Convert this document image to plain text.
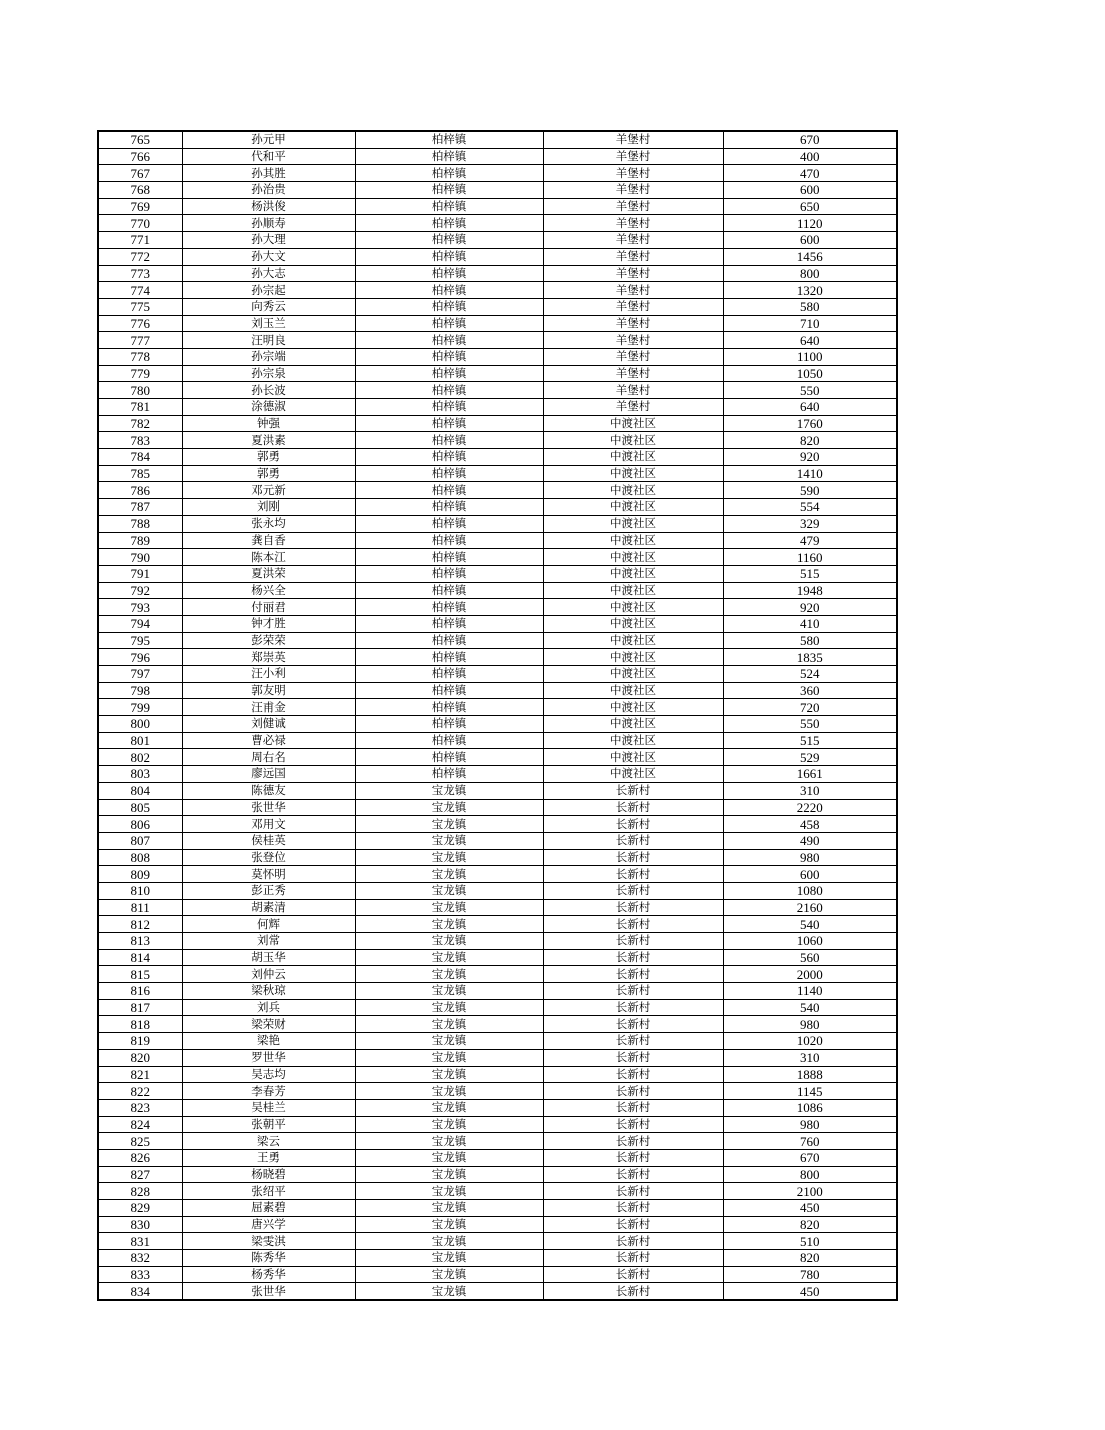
765	孙元甲	柏梓镇	羊堡村	670
766	代和平	柏梓镇	羊堡村	400
767	孙其胜	柏梓镇	羊堡村	470
768	孙治贵	柏梓镇	羊堡村	600
769	杨洪俊	柏梓镇	羊堡村	650
770	孙顺寿	柏梓镇	羊堡村	1120
771	孙大理	柏梓镇	羊堡村	600
772	孙大文	柏梓镇	羊堡村	1456
773	孙大志	柏梓镇	羊堡村	800
774	孙宗起	柏梓镇	羊堡村	1320
775	向秀云	柏梓镇	羊堡村	580
776	刘玉兰	柏梓镇	羊堡村	710
777	汪明良	柏梓镇	羊堡村	640
778	孙宗端	柏梓镇	羊堡村	1100
779	孙宗泉	柏梓镇	羊堡村	1050
780	孙长波	柏梓镇	羊堡村	550
781	涂德淑	柏梓镇	羊堡村	640
782	钟强	柏梓镇	中渡社区	1760
783	夏洪素	柏梓镇	中渡社区	820
784	郭勇	柏梓镇	中渡社区	920
785	郭勇	柏梓镇	中渡社区	1410
786	邓元新	柏梓镇	中渡社区	590
787	刘刚	柏梓镇	中渡社区	554
788	张永均	柏梓镇	中渡社区	329
789	龚自香	柏梓镇	中渡社区	479
790	陈本江	柏梓镇	中渡社区	1160
791	夏洪荣	柏梓镇	中渡社区	515
792	杨兴全	柏梓镇	中渡社区	1948
793	付丽君	柏梓镇	中渡社区	920
794	钟才胜	柏梓镇	中渡社区	410
795	彭荣荣	柏梓镇	中渡社区	580
796	郑崇英	柏梓镇	中渡社区	1835
797	汪小利	柏梓镇	中渡社区	524
798	郭友明	柏梓镇	中渡社区	360
799	汪甫金	柏梓镇	中渡社区	720
800	刘健诚	柏梓镇	中渡社区	550
801	曹必禄	柏梓镇	中渡社区	515
802	周右名	柏梓镇	中渡社区	529
803	廖远国	柏梓镇	中渡社区	1661
804	陈德友	宝龙镇	长新村	310
805	张世华	宝龙镇	长新村	2220
806	邓用文	宝龙镇	长新村	458
807	侯桂英	宝龙镇	长新村	490
808	张登位	宝龙镇	长新村	980
809	莫怀明	宝龙镇	长新村	600
810	彭正秀	宝龙镇	长新村	1080
811	胡素清	宝龙镇	长新村	2160
812	何辉	宝龙镇	长新村	540
813	刘常	宝龙镇	长新村	1060
814	胡玉华	宝龙镇	长新村	560
815	刘仲云	宝龙镇	长新村	2000
816	梁秋琼	宝龙镇	长新村	1140
817	刘兵	宝龙镇	长新村	540
818	梁荣财	宝龙镇	长新村	980
819	梁艳	宝龙镇	长新村	1020
820	罗世华	宝龙镇	长新村	310
821	吴志均	宝龙镇	长新村	1888
822	李春芳	宝龙镇	长新村	1145
823	吴桂兰	宝龙镇	长新村	1086
824	张朝平	宝龙镇	长新村	980
825	梁云	宝龙镇	长新村	760
826	王勇	宝龙镇	长新村	670
827	杨晓碧	宝龙镇	长新村	800
828	张绍平	宝龙镇	长新村	2100
829	屈素碧	宝龙镇	长新村	450
830	唐兴学	宝龙镇	长新村	820
831	梁雯淇	宝龙镇	长新村	510
832	陈秀华	宝龙镇	长新村	820
833	杨秀华	宝龙镇	长新村	780
834	张世华	宝龙镇	长新村	450
